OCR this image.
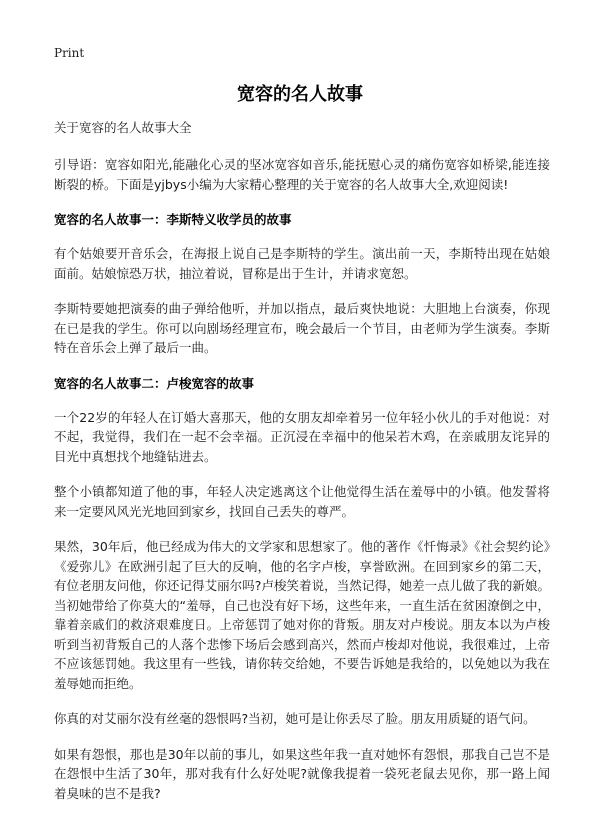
Print
宽容的名人故事
关于宽容的名人故事大全

引导语：宽容如阳光,能融化心灵的坚冰宽容如音乐,能抚慰心灵的痛伤宽容如桥梁,能连接断裂的桥。下面是yjbys小编为大家精心整理的关于宽容的名人故事大全,欢迎阅读!

宽容的名人故事一：李斯特义收学员的故事

有个姑娘要开音乐会，在海报上说自己是李斯特的学生。演出前一天，李斯特出现在姑娘面前。姑娘惊恐万状，抽泣着说，冒称是出于生计，并请求宽恕。

李斯特要她把演奏的曲子弹给他听，并加以指点，最后爽快地说：大胆地上台演奏，你现在已是我的学生。你可以向剧场经理宣布，晚会最后一个节目，由老师为学生演奏。李斯特在音乐会上弹了最后一曲。

宽容的名人故事二：卢梭宽容的故事

一个22岁的年轻人在订婚大喜那天，他的女朋友却牵着另一位年轻小伙儿的手对他说：对不起，我觉得，我们在一起不会幸福。正沉浸在幸福中的他呆若木鸡，在亲戚朋友诧异的目光中真想找个地缝钻进去。

整个小镇都知道了他的事，年轻人决定逃离这个让他觉得生活在羞辱中的小镇。他发誓将来一定要风风光光地回到家乡，找回自己丢失的尊严。

果然，30年后，他已经成为伟大的文学家和思想家了。他的著作《忏悔录》《社会契约论》《爱弥儿》在欧洲引起了巨大的反响，他的名字卢梭，享誉欧洲。在回到家乡的第二天，有位老朋友问他，你还记得艾丽尔吗?卢梭笑着说，当然记得，她差一点儿做了我的新娘。当初她带给了你莫大的“羞辱，自己也没有好下场，这些年来，一直生活在贫困潦倒之中，靠着亲戚们的救济艰难度日。上帝惩罚了她对你的背叛。朋友对卢梭说。朋友本以为卢梭听到当初背叛自己的人落个悲惨下场后会感到高兴，然而卢梭却对他说，我很难过，上帝不应该惩罚她。我这里有一些钱，请你转交给她，不要告诉她是我给的，以免她以为我在羞辱她而拒绝。

你真的对艾丽尔没有丝毫的怨恨吗?当初，她可是让你丢尽了脸。朋友用质疑的语气问。

如果有怨恨，那也是30年以前的事儿，如果这些年我一直对她怀有怨恨，那我自己岂不是在怨恨中生活了30年，那对我有什么好处呢?就像我提着一袋死老鼠去见你，那一路上闻着臭味的岂不是我?
